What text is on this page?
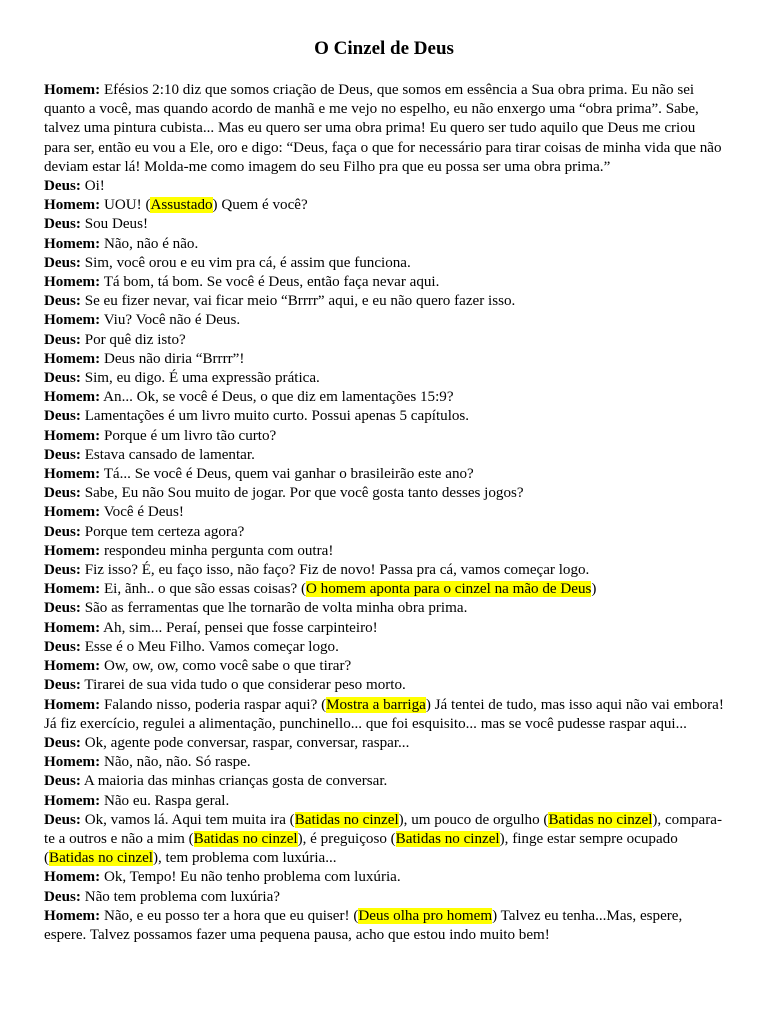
O Cinzel de Deus

Homem: Efésios 2:10 diz que somos criação de Deus, que somos em essência a Sua obra prima. Eu não sei quanto a você, mas quando acordo de manhã e me vejo no espelho, eu não enxergo uma “obra prima”. Sabe, talvez uma pintura cubista... Mas eu quero ser uma obra prima! Eu quero ser tudo aquilo que Deus me criou para ser, então eu vou a Ele, oro e digo: “Deus, faça o que for necessário para tirar coisas de minha vida que não deviam estar lá! Molda-me como imagem do seu Filho pra que eu possa ser uma obra prima.”

Deus: Oi!

Homem: UOU! (Assustado) Quem é você?

Deus: Sou Deus!

Homem: Não, não é não.

Deus: Sim, você orou e eu vim pra cá, é assim que funciona.

Homem: Tá bom, tá bom. Se você é Deus, então faça nevar aqui.

Deus: Se eu fizer nevar, vai ficar meio “Brrrr” aqui, e eu não quero fazer isso.

Homem: Viu? Você não é Deus.

Deus: Por quê diz isto?

Homem: Deus não diria “Brrrr”!

Deus: Sim, eu digo. É uma expressão prática.

Homem: An... Ok, se você é Deus, o que diz em lamentações 15:9?

Deus: Lamentações é um livro muito curto. Possui apenas 5 capítulos.

Homem: Porque é um livro tão curto?

Deus: Estava cansado de lamentar.

Homem: Tá... Se você é Deus, quem vai ganhar o brasileirão este ano?

Deus: Sabe, Eu não Sou muito de jogar. Por que você gosta tanto desses jogos?

Homem: Você é Deus!

Deus: Porque tem certeza agora?

Homem: respondeu minha pergunta com outra!

Deus: Fiz isso? É, eu faço isso, não faço? Fiz de novo! Passa pra cá, vamos começar logo.

Homem: Ei, ãnh.. o que são essas coisas? (O homem aponta para o cinzel na mão de Deus)

Deus: São as ferramentas que lhe tornarão de volta minha obra prima.

Homem: Ah, sim... Peraí, pensei que fosse carpinteiro!

Deus: Esse é o Meu Filho. Vamos começar logo.

Homem: Ow, ow, ow, como você sabe o que tirar?

Deus: Tirarei de sua vida tudo o que considerar peso morto.

Homem: Falando nisso, poderia raspar aqui? (Mostra a barriga) Já tentei de tudo, mas isso aqui não vai embora! Já fiz exercício, regulei a alimentação, punchinello... que foi esquisito... mas se você pudesse raspar aqui...

Deus: Ok, agente pode conversar, raspar, conversar, raspar...

Homem: Não, não, não. Só raspe.

Deus: A maioria das minhas crianças gosta de conversar.

Homem: Não eu. Raspa geral.

Deus: Ok, vamos lá. Aqui tem muita ira (Batidas no cinzel), um pouco de orgulho (Batidas no cinzel), compara-te a outros e não a mim (Batidas no cinzel), é preguiçoso (Batidas no cinzel), finge estar sempre ocupado (Batidas no cinzel), tem problema com luxúria...

Homem: Ok, Tempo! Eu não tenho problema com luxúria.

Deus: Não tem problema com luxúria?

Homem: Não, e eu posso ter a hora que eu quiser! (Deus olha pro homem) Talvez eu tenha...Mas, espere, espere. Talvez possamos fazer uma pequena pausa, acho que estou indo muito bem!
